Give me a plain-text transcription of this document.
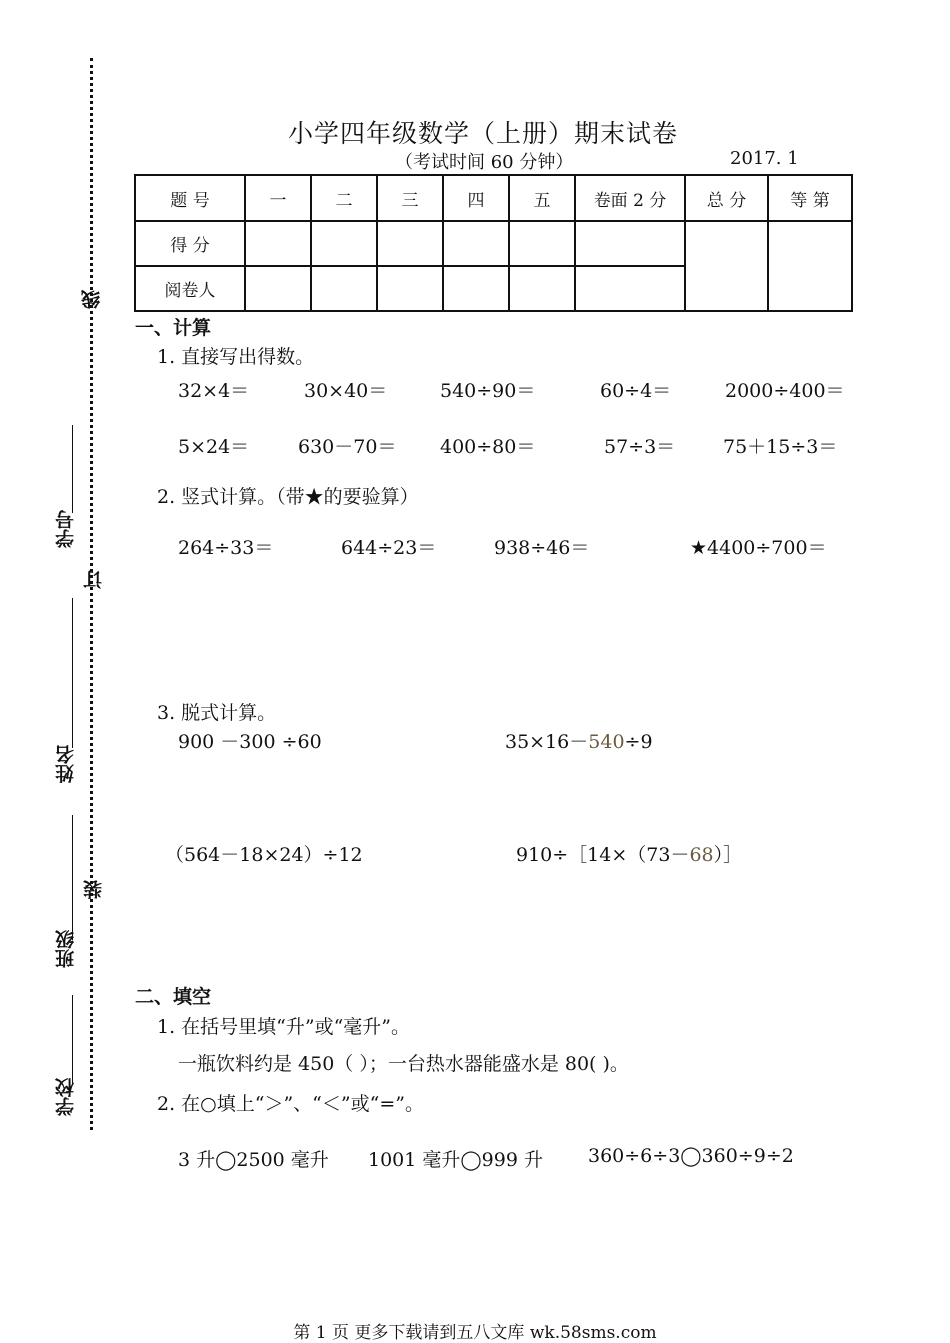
线
学号
订
姓名
装
班级
学校
小学四年级数学（上册）期末试卷
（考试时间 60 分钟）	2017. 1
题 号	一	二	三	四	五	卷面 2 分	总 分	等 第
得 分								
阅卷人								
一、计算
1. 直接写出得数。
32×4＝	30×40＝	540÷90＝	60÷4＝	2000÷400＝
5×24＝	630－70＝ 400÷80＝	57÷3＝	75＋15÷3＝
2. 竖式计算。（带★的要验算）
264÷33＝	644÷23＝	938÷46＝	★4400÷700＝
3. 脱式计算。
900 －300 ÷60	35×16－540÷9
（564－18×24）÷12	910÷［14×（73－68）］
二、填空
1. 在括号里填“升”或“毫升”。
一瓶饮料约是 450（ ）；一台热水器能盛水是 80( )。
2. 在○填上“＞”、“＜”或“=”。
3 升◯2500 毫升 1001 毫升◯999 升 360÷6÷3◯360÷9÷2
第 1 页 更多下载请到五八文库 wk.58sms.com
